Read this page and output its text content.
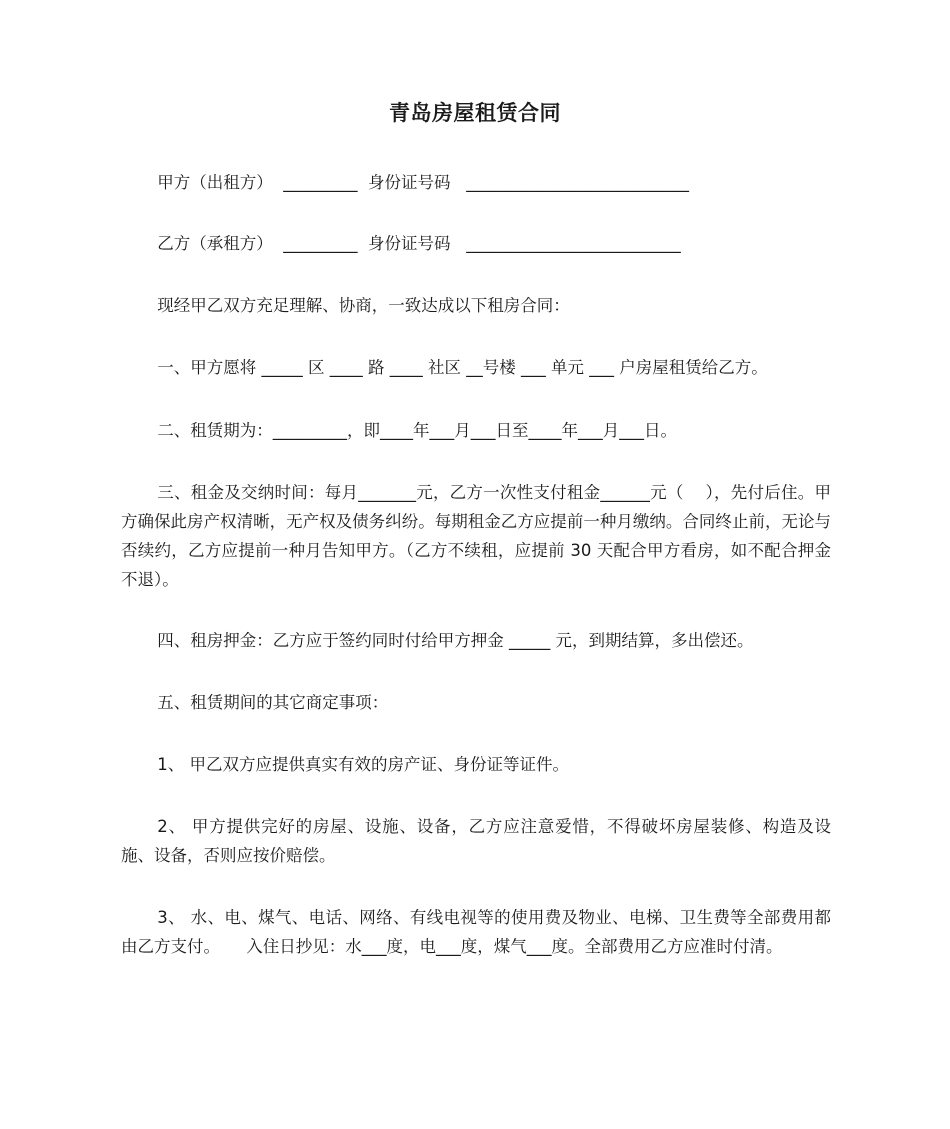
青岛房屋租赁合同

甲方（出租方）  _________  身份证号码   ___________________________

乙方（承租方）  _________  身份证号码   __________________________

现经甲乙双方充足理解、协商，一致达成以下租房合同：

一、甲方愿将 _____ 区 ____ 路 ____ 社区 __号楼 ___ 单元 ___ 户房屋租赁给乙方。

二、租赁期为：_________，即____年___月___日至____年___月___日。

三、租金及交纳时间：每月_______元，乙方一次性支付租金______元（    ），先付后住。甲方确保此房产权清晰，无产权及债务纠纷。每期租金乙方应提前一种月缴纳。合同终止前，无论与否续约，乙方应提前一种月告知甲方。（乙方不续租，应提前 30 天配合甲方看房，如不配合押金不退）。

四、租房押金：乙方应于签约同时付给甲方押金 _____ 元，到期结算，多出偿还。

五、租赁期间的其它商定事项：

1、 甲乙双方应提供真实有效的房产证、身份证等证件。

2、 甲方提供完好的房屋、设施、设备，乙方应注意爱惜，不得破坏房屋装修、构造及设施、设备，否则应按价赔偿。

3、 水、电、煤气、电话、网络、有线电视等的使用费及物业、电梯、卫生费等全部费用都由乙方支付。     入住日抄见：水___度，电___度，煤气___度。全部费用乙方应准时付清。
